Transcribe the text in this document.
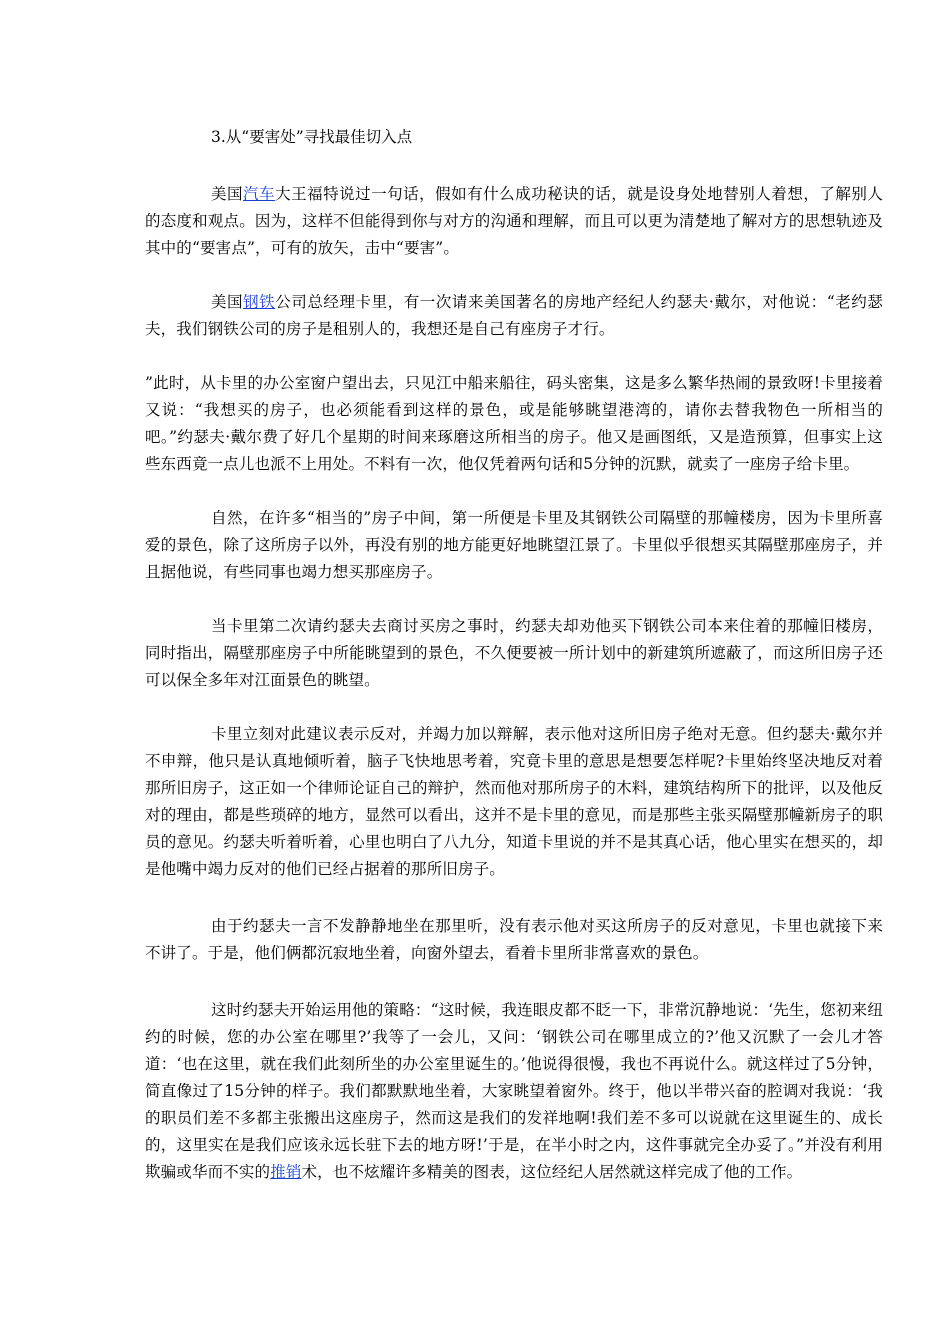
3.从“要害处”寻找最佳切入点

美国汽车大王福特说过一句话，假如有什么成功秘诀的话，就是设身处地替别人着想，了解别人的态度和观点。因为，这样不但能得到你与对方的沟通和理解，而且可以更为清楚地了解对方的思想轨迹及其中的“要害点”，可有的放矢，击中“要害”。

美国钢铁公司总经理卡里，有一次请来美国著名的房地产经纪人约瑟夫·戴尔，对他说：“老约瑟夫，我们钢铁公司的房子是租别人的，我想还是自己有座房子才行。

”此时，从卡里的办公室窗户望出去，只见江中船来船往，码头密集，这是多么繁华热闹的景致呀!卡里接着又说：“我想买的房子，也必须能看到这样的景色，或是能够眺望港湾的，请你去替我物色一所相当的吧。”约瑟夫·戴尔费了好几个星期的时间来琢磨这所相当的房子。他又是画图纸，又是造预算，但事实上这些东西竟一点儿也派不上用处。不料有一次，他仅凭着两句话和5分钟的沉默，就卖了一座房子给卡里。

自然，在许多“相当的”房子中间，第一所便是卡里及其钢铁公司隔壁的那幢楼房，因为卡里所喜爱的景色，除了这所房子以外，再没有别的地方能更好地眺望江景了。卡里似乎很想买其隔壁那座房子，并且据他说，有些同事也竭力想买那座房子。

当卡里第二次请约瑟夫去商讨买房之事时，约瑟夫却劝他买下钢铁公司本来住着的那幢旧楼房，同时指出，隔壁那座房子中所能眺望到的景色，不久便要被一所计划中的新建筑所遮蔽了，而这所旧房子还可以保全多年对江面景色的眺望。

卡里立刻对此建议表示反对，并竭力加以辩解，表示他对这所旧房子绝对无意。但约瑟夫·戴尔并不申辩，他只是认真地倾听着，脑子飞快地思考着，究竟卡里的意思是想要怎样呢?卡里始终坚决地反对着那所旧房子，这正如一个律师论证自己的辩护，然而他对那所房子的木料，建筑结构所下的批评，以及他反对的理由，都是些琐碎的地方，显然可以看出，这并不是卡里的意见，而是那些主张买隔壁那幢新房子的职员的意见。约瑟夫听着听着，心里也明白了八九分，知道卡里说的并不是其真心话，他心里实在想买的，却是他嘴中竭力反对的他们已经占据着的那所旧房子。

由于约瑟夫一言不发静静地坐在那里听，没有表示他对买这所房子的反对意见，卡里也就接下来不讲了。于是，他们俩都沉寂地坐着，向窗外望去，看着卡里所非常喜欢的景色。

这时约瑟夫开始运用他的策略：“这时候，我连眼皮都不眨一下，非常沉静地说：‘先生，您初来纽约的时候，您的办公室在哪里?’我等了一会儿，又问：‘钢铁公司在哪里成立的?’他又沉默了一会儿才答道：‘也在这里，就在我们此刻所坐的办公室里诞生的。’他说得很慢，我也不再说什么。就这样过了5分钟，简直像过了15分钟的样子。我们都默默地坐着，大家眺望着窗外。终于，他以半带兴奋的腔调对我说：‘我的职员们差不多都主张搬出这座房子，然而这是我们的发祥地啊!我们差不多可以说就在这里诞生的、成长的，这里实在是我们应该永远长驻下去的地方呀!’于是，在半小时之内，这件事就完全办妥了。”并没有利用欺骗或华而不实的推销术，也不炫耀许多精美的图表，这位经纪人居然就这样完成了他的工作。
